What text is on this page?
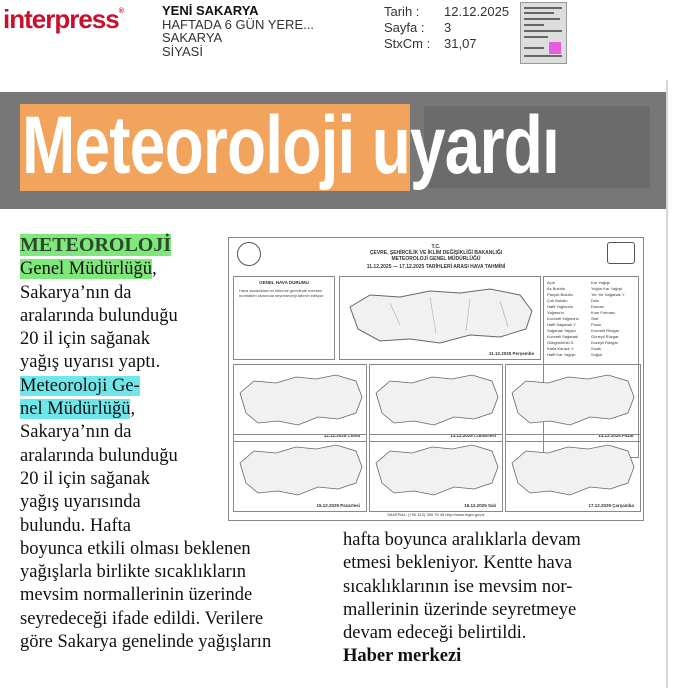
interpress®	YENİ SAKARYA
HAFTADA 6 GÜN YERE...
SAKARYA
SİYASİ
Tarih :	12.12.2025
Sayfa :	3
StxCm :	31,07
Meteoroloji uyardı

METEOROLOJİ

Genel Müdürlüğü,

Sakarya’nın da

aralarında bulunduğu

20 il için sağanak

yağış uyarısı yaptı.

Meteoroloji Ge-

nel Müdürlüğü,

Sakarya’nın da

aralarında bulunduğu

20 il için sağanak

yağış uyarısında

bulundu. Hafta

boyunca etkili olması beklenen

yağışlarla birlikte sıcaklıkların

mevsim normallerinin üzerinde

seyredeceği ifade edildi. Verilere

göre Sakarya genelinde yağışların

hafta boyunca aralıklarla devam

etmesi bekleniyor. Kentte hava

sıcaklıklarının ise mevsim nor-

mallerinin üzerinde seyretmeye

devam edeceği belirtildi.

Haber merkezi

T.C.
ÇEVRE, ŞEHİRCİLİK VE İKLİM DEĞİŞİKLİĞİ BAKANLIĞI
METEOROLOJİ GENEL MÜDÜRLÜĞÜ
11.12.2025 — 17.12.2025 TARİHLERİ ARASI HAVA TAHMİNİ
GENEL HAVA DURUMU
Hava sıcaklıklarının ülkemiz genelinde mevsim normalleri civarında seyredeceği tahmin ediliyor.
11.12.2025 Perşembe
Açık	Kar Yağışlı
Az Bulutlu	Yoğun Kar Yağışlı
Parçalı Bulutlu	Yer Yer Sağanak Y.
Çok Bulutlu	Dolu
Hafif Yağmurlu	Duman
Yağmurlu	Kum Fırtınası
Kuvvetli Yağmurlu	Sisli
Hafif Sağanak Y.	Puslu
Sağanak Yağışlı	Kuvvetli Rüzgar
Kuvvetli Sağanak	Güneyli Rüzgar
Gökgürültülü S.	Kuzeyli Rüzgar
Karla Karışık Y.	Sıcak
Hafif Kar Yağışlı	Soğuk
12.12.2025 Cuma	13.12.2025 Cumartesi	14.12.2025 Pazar
15.12.2025 Pazartesi	16.12.2025 Salı	17.12.2025 Çarşamba
SANTRAL: (+90 312) 359 75 45 http://www.mgm.gov.tr
